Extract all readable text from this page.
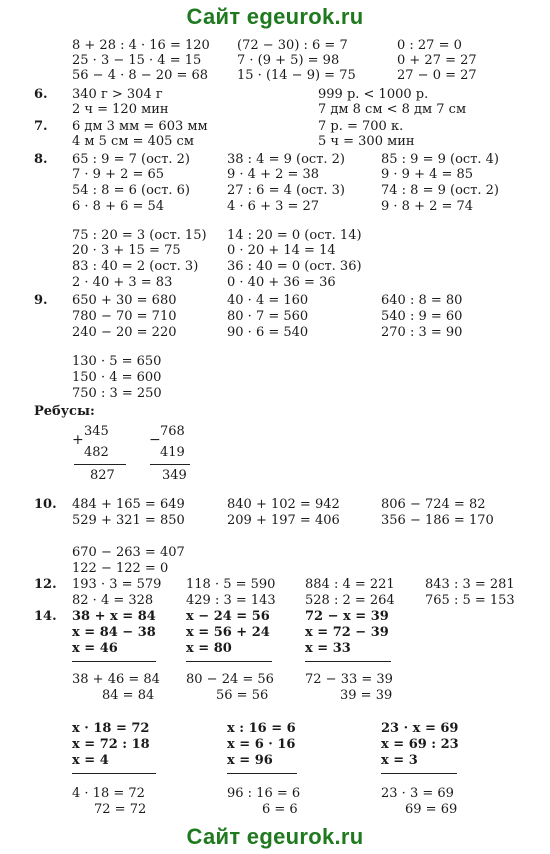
Сайт egeurok.ru
8 + 28 : 4 · 16 = 120
25 · 3 − 15 · 4 = 15
56 − 4 · 8 − 20 = 68
(72 − 30) : 6 = 7
7 · (9 + 5) = 98
15 · (14 − 9) = 75
0 : 27 = 0
0 + 27 = 27
27 − 0 = 27
6. 340 г > 304 г
2 ч = 120 мин
999 р. < 1000 р.
7 дм 8 см < 8 дм 7 см
7. 6 дм 3 мм = 603 мм
4 м 5 см = 405 см
7 р. = 700 к.
5 ч = 300 мин
8. 65 : 9 = 7 (ост. 2)
7 · 9 + 2 = 65
54 : 8 = 6 (ост. 6)
6 · 8 + 6 = 54
38 : 4 = 9 (ост. 2)
9 · 4 + 2 = 38
27 : 6 = 4 (ост. 3)
4 · 6 + 3 = 27
85 : 9 = 9 (ост. 4)
9 · 9 + 4 = 85
74 : 8 = 9 (ост. 2)
9 · 8 + 2 = 74
75 : 20 = 3 (ост. 15)
20 · 3 + 15 = 75
83 : 40 = 2 (ост. 3)
2 · 40 + 3 = 83
14 : 20 = 0 (ост. 14)
0 · 20 + 14 = 14
36 : 40 = 0 (ост. 36)
0 · 40 + 36 = 36
9. 650 + 30 = 680
780 − 70 = 710
240 − 20 = 220
40 · 4 = 160
80 · 7 = 560
90 · 6 = 540
640 : 8 = 80
540 : 9 = 60
270 : 3 = 90
130 · 5 = 650
150 · 4 = 600
750 : 3 = 250
Ребусы:
+
345
482
827
−
768
419
349
10. 484 + 165 = 649
529 + 321 = 850
840 + 102 = 942
209 + 197 = 406
806 − 724 = 82
356 − 186 = 170
670 − 263 = 407
122 − 122 = 0
12. 193 · 3 = 579
82 · 4 = 328
118 · 5 = 590
429 : 3 = 143
884 : 4 = 221
528 : 2 = 264
843 : 3 = 281
765 : 5 = 153
14. 38 + x = 84
x = 84 − 38
x = 46
38 + 46 = 84
84 = 84
x − 24 = 56
x = 56 + 24
x = 80
80 − 24 = 56
56 = 56
72 − x = 39
x = 72 − 39
x = 33
72 − 33 = 39
39 = 39
x · 18 = 72
x = 72 : 18
x = 4
4 · 18 = 72
72 = 72
x : 16 = 6
x = 6 · 16
x = 96
96 : 16 = 6
6 = 6
23 · x = 69
x = 69 : 23
x = 3
23 · 3 = 69
69 = 69
Сайт egeurok.ru
